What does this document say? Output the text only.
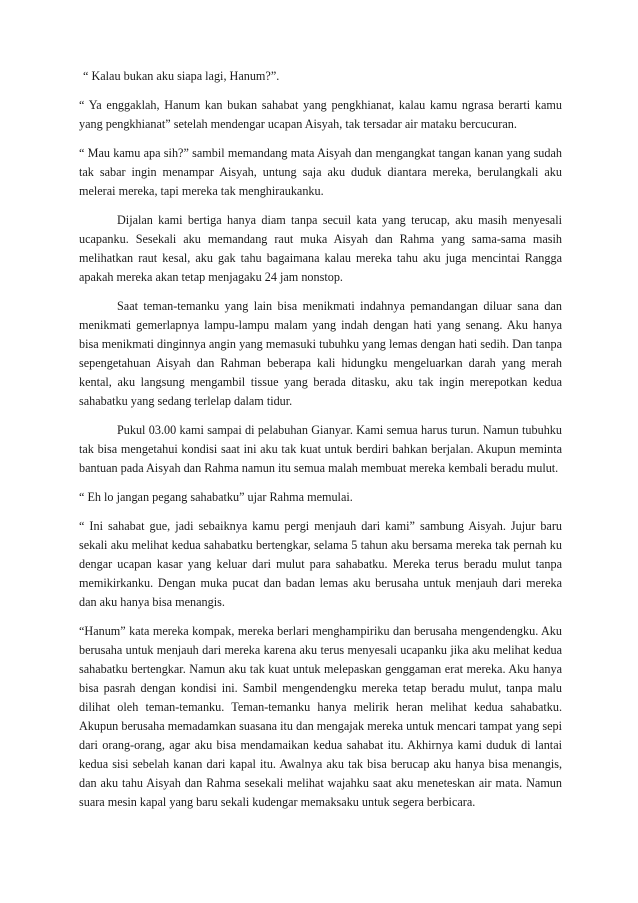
“ Kalau bukan aku siapa lagi, Hanum?”.

“ Ya enggaklah, Hanum kan bukan sahabat yang pengkhianat, kalau kamu ngrasa berarti kamu yang pengkhianat” setelah mendengar ucapan Aisyah, tak tersadar air mataku bercucuran.

“ Mau kamu apa sih?” sambil memandang mata Aisyah dan mengangkat tangan kanan yang sudah tak sabar ingin menampar Aisyah, untung saja aku duduk diantara mereka, berulangkali aku melerai mereka, tapi mereka tak menghiraukanku.

Dijalan kami bertiga hanya diam tanpa secuil kata yang terucap, aku masih menyesali ucapanku. Sesekali aku memandang raut muka Aisyah dan Rahma yang sama-sama masih melihatkan raut kesal, aku gak tahu bagaimana kalau mereka tahu aku juga mencintai Rangga apakah mereka akan tetap menjagaku 24 jam nonstop.

Saat teman-temanku yang lain bisa menikmati indahnya pemandangan diluar sana dan menikmati gemerlapnya lampu-lampu malam yang indah dengan hati yang senang. Aku hanya bisa menikmati dinginnya angin yang memasuki tubuhku yang lemas dengan hati sedih. Dan tanpa sepengetahuan Aisyah dan Rahman beberapa kali hidungku mengeluarkan darah yang merah kental, aku langsung mengambil tissue yang berada ditasku, aku tak ingin merepotkan kedua sahabatku yang sedang terlelap dalam tidur.

Pukul 03.00 kami sampai di pelabuhan Gianyar. Kami semua harus turun. Namun tubuhku tak bisa mengetahui kondisi saat ini aku tak kuat untuk berdiri bahkan berjalan. Akupun meminta bantuan pada Aisyah dan Rahma namun itu semua malah membuat mereka kembali beradu mulut.

“ Eh lo jangan pegang sahabatku” ujar Rahma memulai.

“ Ini sahabat gue, jadi sebaiknya kamu pergi menjauh dari kami” sambung Aisyah. Jujur baru sekali aku melihat kedua sahabatku bertengkar, selama 5 tahun aku bersama mereka tak pernah ku dengar ucapan kasar yang keluar dari mulut para sahabatku. Mereka terus beradu mulut tanpa memikirkanku. Dengan muka pucat dan badan lemas aku berusaha untuk menjauh dari mereka dan aku hanya bisa menangis.

“Hanum” kata mereka kompak, mereka berlari menghampiriku dan berusaha mengendengku. Aku berusaha untuk menjauh dari mereka karena aku terus menyesali ucapanku jika aku melihat kedua sahabatku bertengkar. Namun aku tak kuat untuk melepaskan genggaman erat mereka. Aku hanya bisa pasrah dengan kondisi ini. Sambil mengendengku mereka tetap beradu mulut, tanpa malu dilihat oleh teman-temanku. Teman-temanku hanya melirik heran melihat kedua sahabatku. Akupun berusaha memadamkan suasana itu dan mengajak mereka untuk mencari tampat yang sepi dari orang-orang, agar aku bisa mendamaikan kedua sahabat itu. Akhirnya kami duduk di lantai kedua sisi sebelah kanan dari kapal itu. Awalnya aku tak bisa berucap aku hanya bisa menangis, dan aku tahu Aisyah dan Rahma sesekali melihat wajahku saat aku meneteskan air mata. Namun suara mesin kapal yang baru sekali kudengar memaksaku untuk segera berbicara.
